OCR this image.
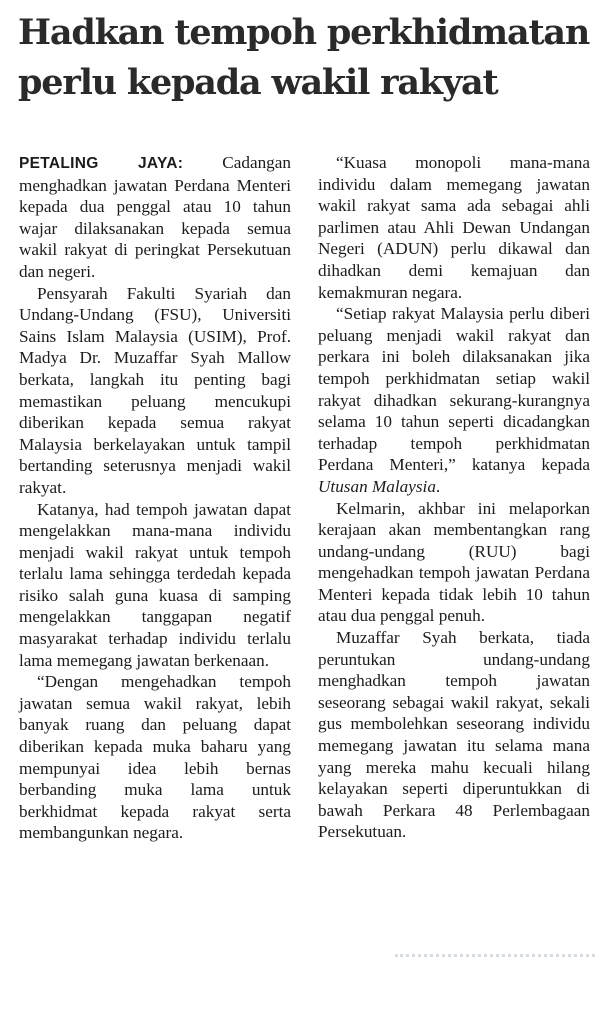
Hadkan tempoh perkhidmatan perlu kepada wakil rakyat

PETALING JAYA: Cadangan menghadkan jawatan Perdana Menteri kepada dua penggal atau 10 tahun wajar dilaksanakan kepada semua wakil rakyat di peringkat Persekutuan dan negeri.

Pensyarah Fakulti Syariah dan Undang-Undang (FSU), Universiti Sains Islam Malaysia (USIM), Prof. Madya Dr. Muzaffar Syah Mallow berkata, langkah itu penting bagi memastikan peluang mencukupi diberikan kepada semua rakyat Malaysia berkelayakan untuk tampil bertanding seterusnya menjadi wakil rakyat.

Katanya, had tempoh jawatan dapat mengelakkan mana-mana individu menjadi wakil rakyat untuk tempoh terlalu lama sehingga terdedah kepada risiko salah guna kuasa di samping mengelakkan tanggapan negatif masyarakat terhadap individu terlalu lama memegang jawatan berkenaan.

“Dengan mengehadkan tempoh jawatan semua wakil rakyat, lebih banyak ruang dan peluang dapat diberikan kepada muka baharu yang mempunyai idea lebih bernas berbanding muka lama untuk berkhidmat kepada rakyat serta membangunkan negara.

“Kuasa monopoli mana-mana individu dalam memegang jawatan wakil rakyat sama ada sebagai ahli parlimen atau Ahli Dewan Undangan Negeri (ADUN) perlu dikawal dan dihadkan demi kemajuan dan kemakmuran negara.

“Setiap rakyat Malaysia perlu diberi peluang menjadi wakil rakyat dan perkara ini boleh dilaksanakan jika tempoh perkhidmatan setiap wakil rakyat dihadkan sekurang-kurangnya selama 10 tahun seperti dicadangkan terhadap tempoh perkhidmatan Perdana Menteri,” katanya kepada Utusan Malaysia.

Kelmarin, akhbar ini melaporkan kerajaan akan membentangkan rang undang-undang (RUU) bagi mengehadkan tempoh jawatan Perdana Menteri kepada tidak lebih 10 tahun atau dua penggal penuh.

Muzaffar Syah berkata, tiada peruntukan undang-undang menghadkan tempoh jawatan seseorang sebagai wakil rakyat, sekali gus membolehkan seseorang individu memegang jawatan itu selama mana yang mereka mahu kecuali hilang kelayakan seperti diperuntukkan di bawah Perkara 48 Perlembagaan Persekutuan.
